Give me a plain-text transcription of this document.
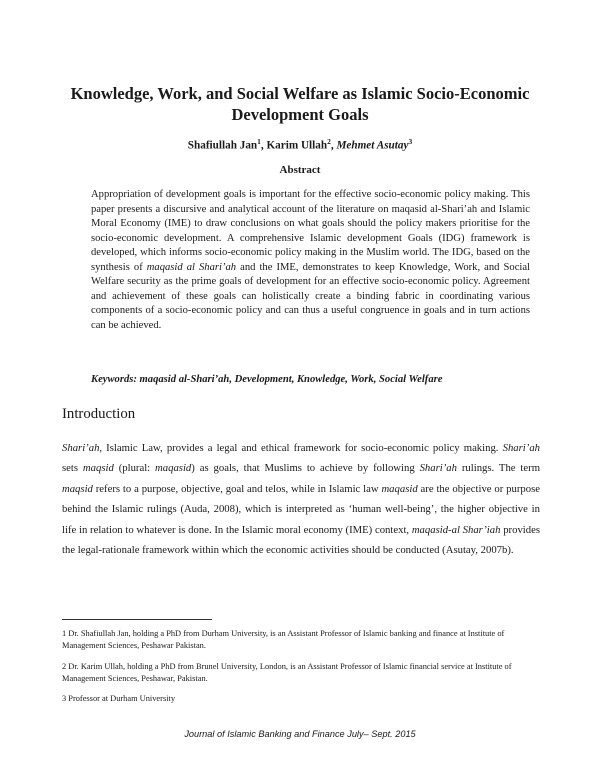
Knowledge, Work, and Social Welfare as Islamic Socio-Economic Development Goals
Shafiullah Jan$^1$, Karim Ullah$^2$, Mehmet Asutay$^3$
Abstract

Appropriation of development goals is important for the effective socio-economic policy making. This paper presents a discursive and analytical account of the literature on maqasid al-Shari’ah and Islamic Moral Economy (IME) to draw conclusions on what goals should the policy makers prioritise for the socio-economic development. A comprehensive Islamic development Goals (IDG) framework is developed, which informs socio-economic policy making in the Muslim world. The IDG, based on the synthesis of maqasid al Shari’ah and the IME, demonstrates to keep Knowledge, Work, and Social Welfare security as the prime goals of development for an effective socio-economic policy. Agreement and achievement of these goals can holistically create a binding fabric in coordinating various components of a socio-economic policy and can thus a useful congruence in goals and in turn actions can be achieved.

Keywords: maqasid al-Shari’ah, Development, Knowledge, Work, Social Welfare
Introduction

Shari’ah, Islamic Law, provides a legal and ethical framework for socio-economic policy making. Shari’ah sets maqsid (plural: maqasid) as goals, that Muslims to achieve by following Shari’ah rulings. The term maqsid refers to a purpose, objective, goal and telos, while in Islamic law maqasid are the objective or purpose behind the Islamic rulings (Auda, 2008), which is interpreted as ‘human well-being’, the higher objective in life in relation to whatever is done. In the Islamic moral economy (IME) context, maqasid-al Shar’iah provides the legal-rationale framework within which the economic activities should be conducted (Asutay, 2007b).

1 Dr. Shafiullah Jan, holding a PhD from Durham University, is an Assistant Professor of Islamic banking and finance at Institute of Management Sciences, Peshawar Pakistan.

2 Dr. Karim Ullah, holding a PhD from Brunel University, London, is an Assistant Professor of Islamic financial service at Institute of Management Sciences, Peshawar, Pakistan.

3 Professor at Durham University

Journal of Islamic Banking and Finance July– Sept. 2015
